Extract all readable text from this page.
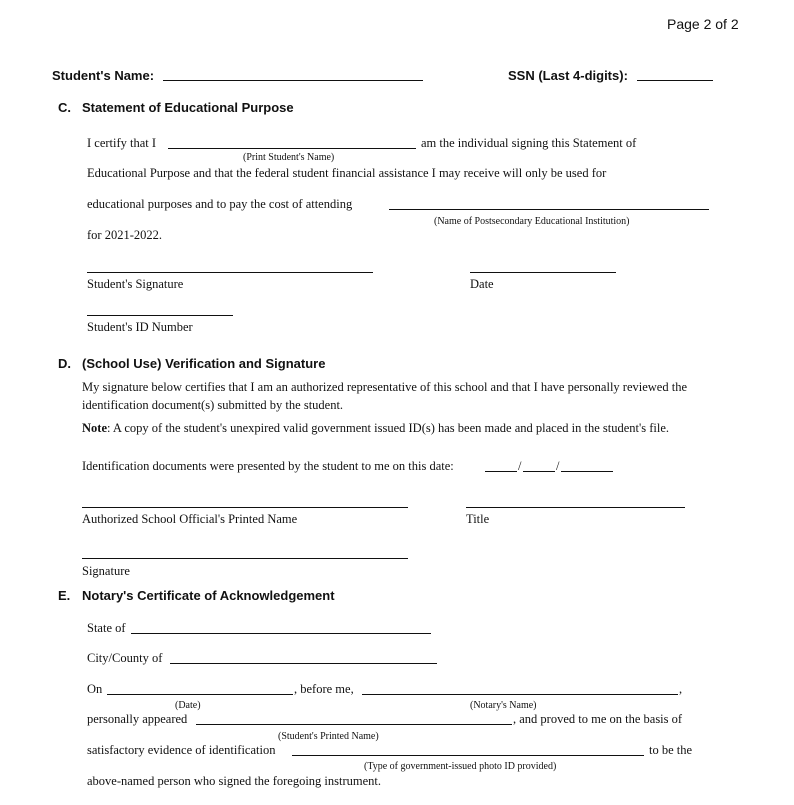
Page 2 of 2
Student's Name:	SSN (Last 4-digits):
C. Statement of Educational Purpose
I certify that I	am the individual signing this Statement of
(Print Student's Name)
Educational Purpose and that the federal student financial assistance I may receive will only be used for
educational purposes and to pay the cost of attending
(Name of Postsecondary Educational Institution)
for 2021-2022.
Student's Signature	Date
Student's ID Number
D. (School Use) Verification and Signature
My signature below certifies that I am an authorized representative of this school and that I have personally reviewed the
identification document(s) submitted by the student.
Note: A copy of the student's unexpired valid government issued ID(s) has been made and placed in the student's file.
Identification documents were presented by the student to me on this date:	/	/
Authorized School Official's Printed Name	Title
Signature
E. Notary's Certificate of Acknowledgement
State of
City/County of
On	, before me,	,
(Date)	(Notary's Name)
personally appeared	, and proved to me on the basis of
(Student's Printed Name)
satisfactory evidence of identification	to be the
(Type of government-issued photo ID provided)
above-named person who signed the foregoing instrument.
